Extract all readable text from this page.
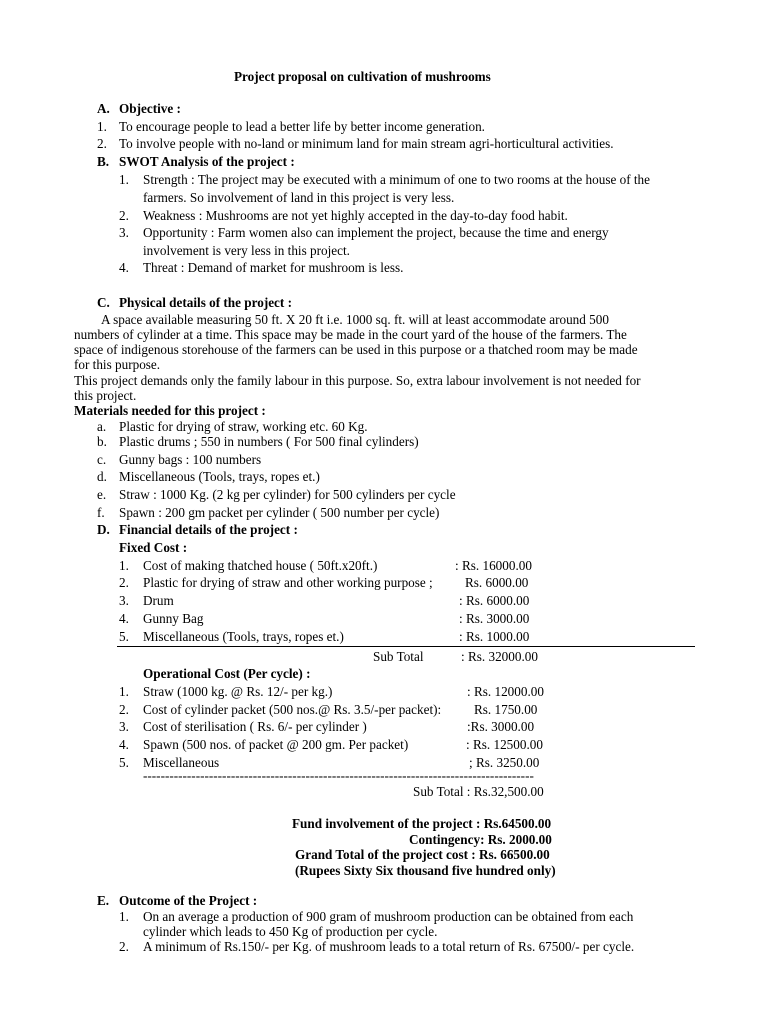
Project proposal on cultivation of mushrooms
A. Objective :
1. To encourage people to lead a better life by better income generation.
2. To involve people with no-land or minimum land for main stream agri-horticultural activities.
B. SWOT Analysis of the project :
1. Strength : The project may be executed with a minimum of one to two rooms at the house of the
farmers. So involvement of land in this project is very less.
2. Weakness : Mushrooms are not yet highly accepted in the day-to-day food habit.
3. Opportunity : Farm women also can implement the project, because the time and energy
involvement is very less in this project.
4. Threat : Demand of market for mushroom is less.
C. Physical details of the project :
A space available measuring 50 ft. X 20 ft i.e. 1000 sq. ft. will at least accommodate around 500
numbers of cylinder at a time. This space may be made in the court yard of the house of the farmers. The
space of indigenous storehouse of the farmers can be used in this purpose or a thatched room may be made
for this purpose.
This project demands only the family labour in this purpose. So, extra labour involvement is not needed for
this project.
Materials needed for this project :
a. Plastic for drying of straw, working etc. 60 Kg.
b. Plastic drums ; 550 in numbers ( For 500 final cylinders)
c. Gunny bags : 100 numbers
d. Miscellaneous (Tools, trays, ropes et.)
e. Straw : 1000 Kg. (2 kg per cylinder) for 500 cylinders per cycle
f. Spawn : 200 gm packet per cylinder ( 500 number per cycle)
D. Financial details of the project :
Fixed Cost :
1. Cost of making thatched house ( 50ft.x20ft.)	: Rs. 16000.00
2. Plastic for drying of straw and other working purpose ; Rs. 6000.00
3. Drum	: Rs. 6000.00
4. Gunny Bag	: Rs. 3000.00
5. Miscellaneous (Tools, trays, ropes et.)	: Rs. 1000.00
Sub Total	: Rs. 32000.00
Operational Cost (Per cycle) :
1. Straw (1000 kg. @ Rs. 12/- per kg.)	: Rs. 12000.00
2. Cost of cylinder packet (500 nos.@ Rs. 3.5/-per packet): Rs. 1750.00
3. Cost of sterilisation ( Rs. 6/- per cylinder )	:Rs. 3000.00
4. Spawn (500 nos. of packet @ 200 gm. Per packet)	: Rs. 12500.00
5. Miscellaneous	; Rs. 3250.00
-----------------------------------------------------------------------------------------
Sub Total : Rs.32,500.00
Fund involvement of the project : Rs.64500.00
Contingency: Rs. 2000.00
Grand Total of the project cost : Rs. 66500.00
(Rupees Sixty Six thousand five hundred only)
E. Outcome of the Project :
1. On an average a production of 900 gram of mushroom production can be obtained from each
cylinder which leads to 450 Kg of production per cycle.
2. A minimum of Rs.150/- per Kg. of mushroom leads to a total return of Rs. 67500/- per cycle.
